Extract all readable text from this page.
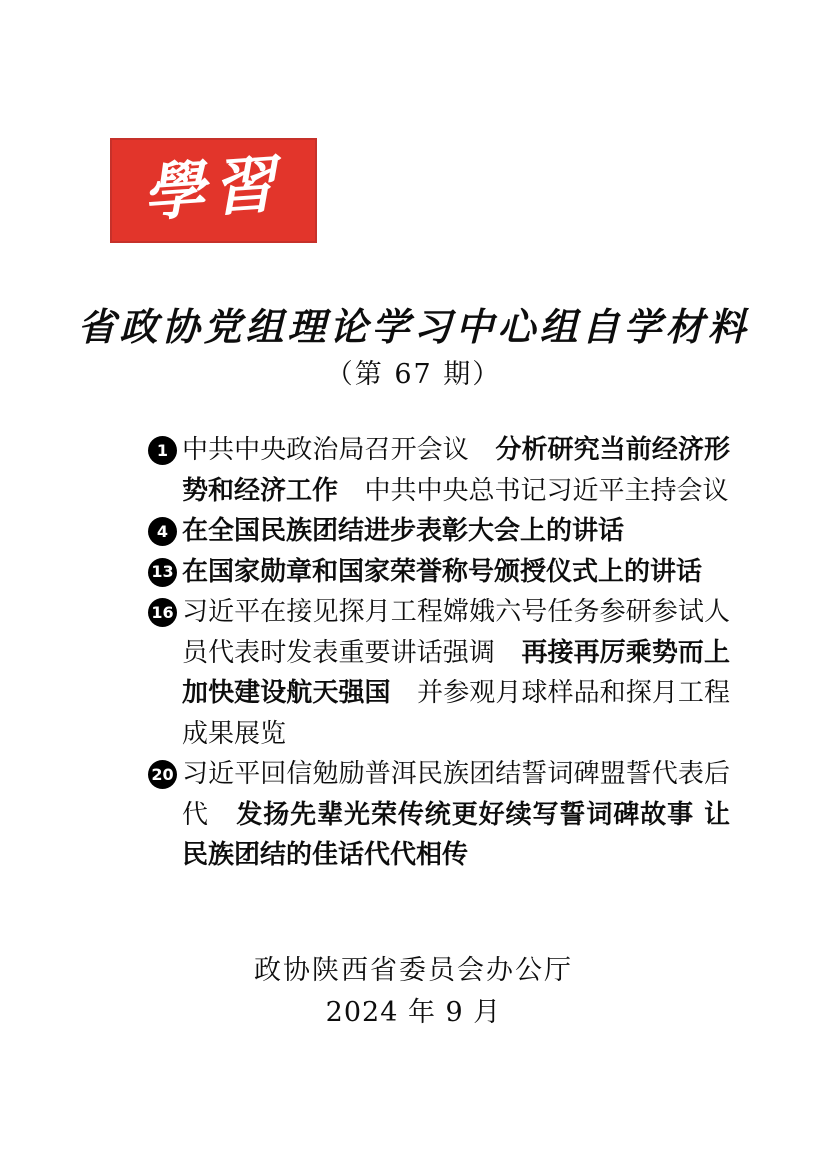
學習
省政协党组理论学习中心组自学材料
（第 67 期）
1 中共中央政治局召开会议 分析研究当前经济形势和经济工作 中共中央总书记习近平主持会议
4 在全国民族团结进步表彰大会上的讲话
13 在国家勋章和国家荣誉称号颁授仪式上的讲话
16 习近平在接见探月工程嫦娥六号任务参研参试人员代表时发表重要讲话强调 再接再厉乘势而上　加快建设航天强国 并参观月球样品和探月工程成果展览
20 习近平回信勉励普洱民族团结誓词碑盟誓代表后代 发扬先辈光荣传统更好续写誓词碑故事 让民族团结的佳话代代相传
政协陕西省委员会办公厅
2024 年 9 月
